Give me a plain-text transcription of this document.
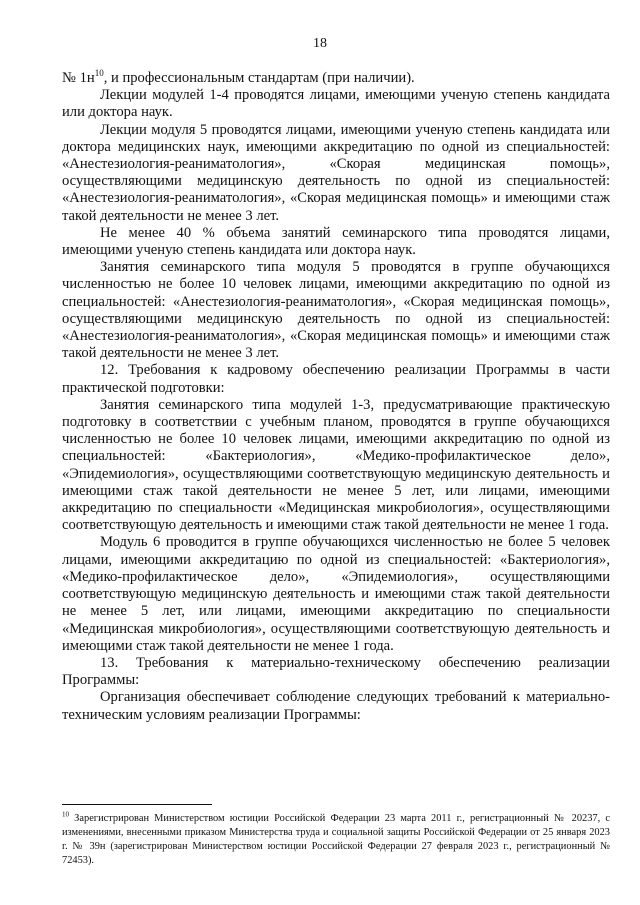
18

№ $1н^{10}$, и профессиональным стандартам (при наличии).

Лекции модулей 1-4 проводятся лицами, имеющими ученую степень кандидата или доктора наук.

Лекции модуля 5 проводятся лицами, имеющими ученую степень кандидата или доктора медицинских наук, имеющими аккредитацию по одной из специальностей: «Анестезиология-реаниматология», «Скорая медицинская помощь», осуществляющими медицинскую деятельность по одной из специальностей: «Анестезиология-реаниматология», «Скорая медицинская помощь» и имеющими стаж такой деятельности не менее 3 лет.

Не менее 40 % объема занятий семинарского типа проводятся лицами, имеющими ученую степень кандидата или доктора наук.

Занятия семинарского типа модуля 5 проводятся в группе обучающихся численностью не более 10 человек лицами, имеющими аккредитацию по одной из специальностей: «Анестезиология-реаниматология», «Скорая медицинская помощь», осуществляющими медицинскую деятельность по одной из специальностей: «Анестезиология-реаниматология», «Скорая медицинская помощь» и имеющими стаж такой деятельности не менее 3 лет.

12. Требования к кадровому обеспечению реализации Программы в части практической подготовки:

Занятия семинарского типа модулей 1-3, предусматривающие практическую подготовку в соответствии с учебным планом, проводятся в группе обучающихся численностью не более 10 человек лицами, имеющими аккредитацию по одной из специальностей: «Бактериология», «Медико-профилактическое дело», «Эпидемиология», осуществляющими соответствующую медицинскую деятельность и имеющими стаж такой деятельности не менее 5 лет, или лицами, имеющими аккредитацию по специальности «Медицинская микробиология», осуществляющими соответствующую деятельность и имеющими стаж такой деятельности не менее 1 года.

Модуль 6 проводится в группе обучающихся численностью не более 5 человек лицами, имеющими аккредитацию по одной из специальностей: «Бактериология», «Медико-профилактическое дело», «Эпидемиология», осуществляющими соответствующую медицинскую деятельность и имеющими стаж такой деятельности не менее 5 лет, или лицами, имеющими аккредитацию по специальности «Медицинская микробиология», осуществляющими соответствующую деятельность и имеющими стаж такой деятельности не менее 1 года.

13. Требования к материально-техническому обеспечению реализации Программы:

Организация обеспечивает соблюдение следующих требований к материально-техническим условиям реализации Программы:

$^{10}$ Зарегистрирован Министерством юстиции Российской Федерации 23 марта 2011 г., регистрационный № 20237, с изменениями, внесенными приказом Министерства труда и социальной защиты Российской Федерации от 25 января 2023 г. № 39н (зарегистрирован Министерством юстиции Российской Федерации 27 февраля 2023 г., регистрационный № 72453).
